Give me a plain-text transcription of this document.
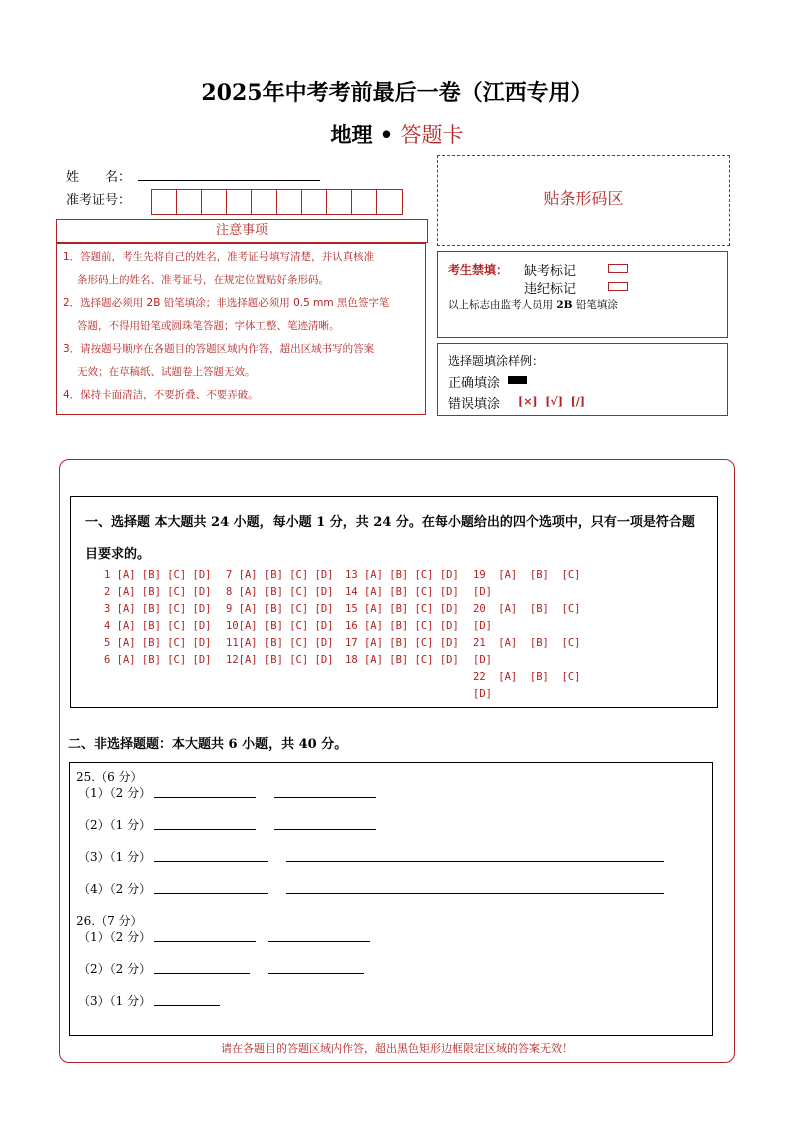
2025年中考考前最后一卷（江西专用）
地理 • 答题卡
姓　　名：
准考证号：
注意事项

1．答题前，考生先将自己的姓名，准考证号填写清楚，并认真核准

条形码上的姓名、准考证号，在规定位置贴好条形码。

2．选择题必须用 2B 铅笔填涂；非选择题必须用 0.5 mm 黑色签字笔

答题，不得用铅笔或圆珠笔答题；字体工整、笔迹清晰。

3．请按题号顺序在各题目的答题区域内作答，超出区域书写的答案

无效；在草稿纸、试题卷上答题无效。

4．保持卡面清洁，不要折叠、不要弄破。

贴条形码区
考生禁填： 缺考标记
违纪标记
以上标志由监考人员用 2B 铅笔填涂
选择题填涂样例：
正确填涂
错误填涂 [×]  [√]  [/]
一、选择题 本大题共 24 小题，每小题 1 分，共 24 分。在每小题给出的四个选项中，只有一项是符合题目要求的。
1 [A] [B] [C] [D]
2 [A] [B] [C] [D]
3 [A] [B] [C] [D]
4 [A] [B] [C] [D]
5 [A] [B] [C] [D]
6 [A] [B] [C] [D]
7 [A] [B] [C] [D]
8 [A] [B] [C] [D]
9 [A] [B] [C] [D]
10[A] [B] [C] [D]
11[A] [B] [C] [D]
12[A] [B] [C] [D]
13 [A] [B] [C] [D]
14 [A] [B] [C] [D]
15 [A] [B] [C] [D]
16 [A] [B] [C] [D]
17 [A] [B] [C] [D]
18 [A] [B] [C] [D]
19  [A]  [B]  [C]
[D]
20  [A]  [B]  [C]
[D]
21  [A]  [B]  [C]
[D]
22  [A]  [B]  [C]
[D]
二、非选择题题：本大题共 6 小题，共 40 分。
25.（6 分）
（1）（2 分）
（2）（1 分）
（3）（1 分）
（4）（2 分）
26.（7 分）
（1）（2 分）
（2）（2 分）
（3）（1 分）
请在各题目的答题区域内作答，超出黑色矩形边框限定区域的答案无效！
